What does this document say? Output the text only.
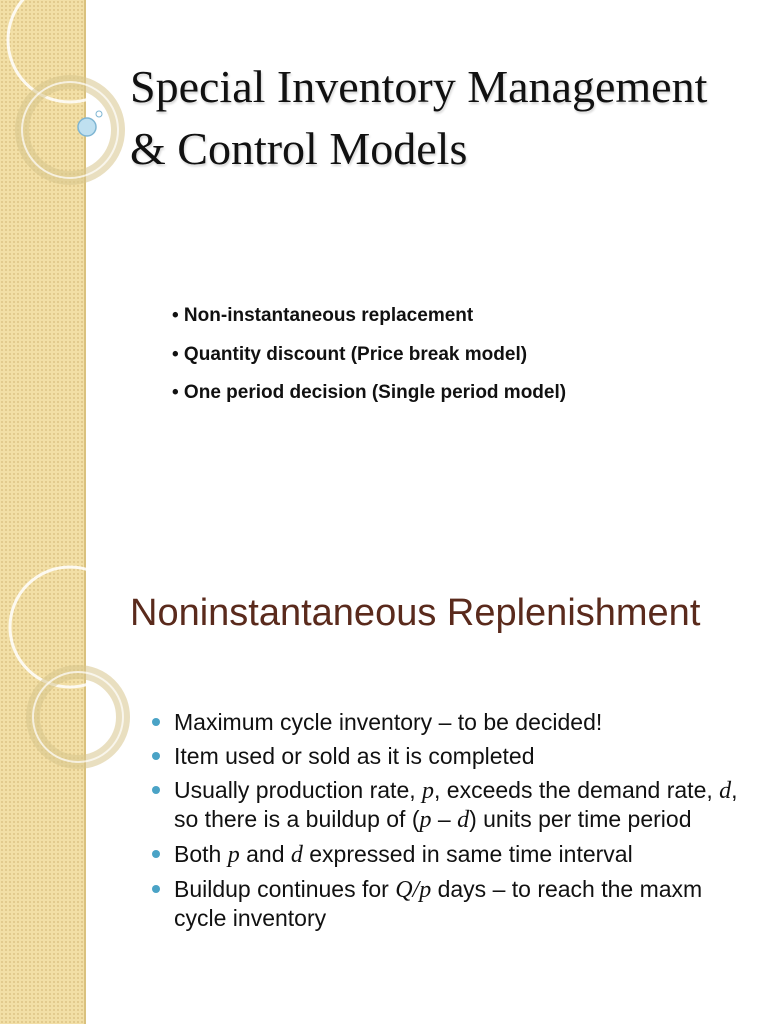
Special Inventory Management & Control Models
• Non-instantaneous replacement
• Quantity discount (Price break model)
• One period decision (Single period model)
Noninstantaneous Replenishment
Maximum cycle inventory – to be decided!
Item used or sold as it is completed
Usually production rate, p, exceeds the demand rate, d, so there is a buildup of (p – d) units per time period
Both p and d expressed in same time interval
Buildup continues for Q/p days – to reach the maxm cycle inventory
